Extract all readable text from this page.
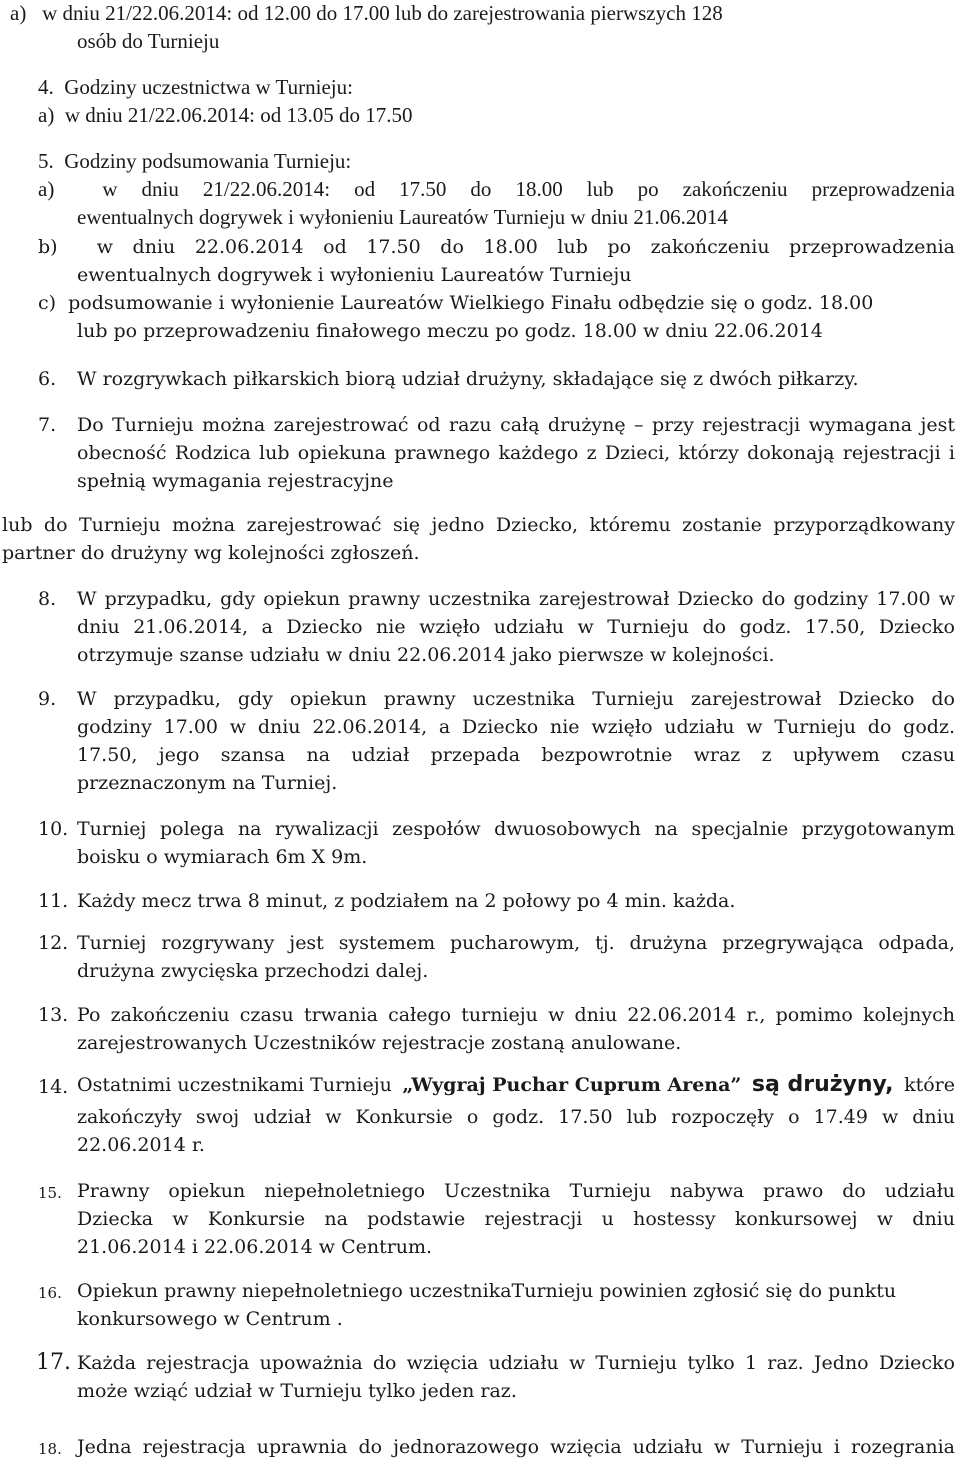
a)   w dniu 21/22.06.2014: od 12.00 do 17.00 lub do zarejestrowania pierwszych 128
osób do Turnieju
4.  Godziny uczestnictwa w Turnieju:
a)  w dniu 21/22.06.2014: od 13.05 do 17.50
5.  Godziny podsumowania Turnieju:
a)  w dniu 21/22.06.2014: od 17.50 do 18.00 lub po zakończeniu przeprowadzenia
ewentualnych dogrywek i wyłonieniu Laureatów Turnieju w dniu 21.06.2014
b)  w dniu 22.06.2014 od 17.50 do 18.00 lub po zakończeniu przeprowadzenia
ewentualnych dogrywek i wyłonieniu Laureatów Turnieju
c)  podsumowanie i wyłonienie Laureatów Wielkiego Finału odbędzie się o godz. 18.00
lub po przeprowadzeniu finałowego meczu po godz. 18.00 w dniu 22.06.2014
6. W rozgrywkach piłkarskich biorą udział drużyny, składające się z dwóch piłkarzy.
7. Do Turnieju można zarejestrować od razu całą drużynę – przy rejestracji wymagana jest
obecność Rodzica lub opiekuna prawnego każdego z Dzieci, którzy dokonają rejestracji i
spełnią wymagania rejestracyjne
lub do Turnieju można zarejestrować się jedno Dziecko, któremu zostanie przyporządkowany
partner do drużyny wg kolejności zgłoszeń.
8. W przypadku, gdy opiekun prawny uczestnika zarejestrował Dziecko do godziny 17.00 w
dniu 21.06.2014, a Dziecko nie wzięło udziału w Turnieju do godz. 17.50, Dziecko
otrzymuje szanse udziału w dniu 22.06.2014 jako pierwsze w kolejności.
9. W przypadku, gdy opiekun prawny uczestnika Turnieju zarejestrował Dziecko do
godziny 17.00 w dniu 22.06.2014, a Dziecko nie wzięło udziału w Turnieju do godz.
17.50, jego szansa na udział przepada bezpowrotnie wraz z upływem czasu
przeznaczonym na Turniej.
10. Turniej polega na rywalizacji zespołów dwuosobowych na specjalnie przygotowanym
boisku o wymiarach 6m X 9m.
11. Każdy mecz trwa 8 minut, z podziałem na 2 połowy po 4 min. każda.
12. Turniej rozgrywany jest systemem pucharowym, tj. drużyna przegrywająca odpada,
drużyna zwycięska przechodzi dalej.
13. Po zakończeniu czasu trwania całego turnieju w dniu 22.06.2014 r., pomimo kolejnych
zarejestrowanych Uczestników rejestracje zostaną anulowane.
14. Ostatnimi uczestnikami Turnieju „Wygraj Puchar Cuprum Arena” są drużyny, które
zakończyły swoj udział w Konkursie o godz. 17.50 lub rozpoczęły o 17.49 w dniu
22.06.2014 r.
15. Prawny opiekun niepełnoletniego Uczestnika Turnieju nabywa prawo do udziału
Dziecka w Konkursie na podstawie rejestracji u hostessy konkursowej w dniu
21.06.2014 i 22.06.2014 w Centrum.
16. Opiekun prawny niepełnoletniego uczestnikaTurnieju powinien zgłosić się do punktu
konkursowego w Centrum .
17. Każda rejestracja upoważnia do wzięcia udziału w Turnieju tylko 1 raz. Jedno Dziecko
może wziąć udział w Turnieju tylko jeden raz.
18. Jedna rejestracja uprawnia do jednorazowego wzięcia udziału w Turnieju i rozegrania
